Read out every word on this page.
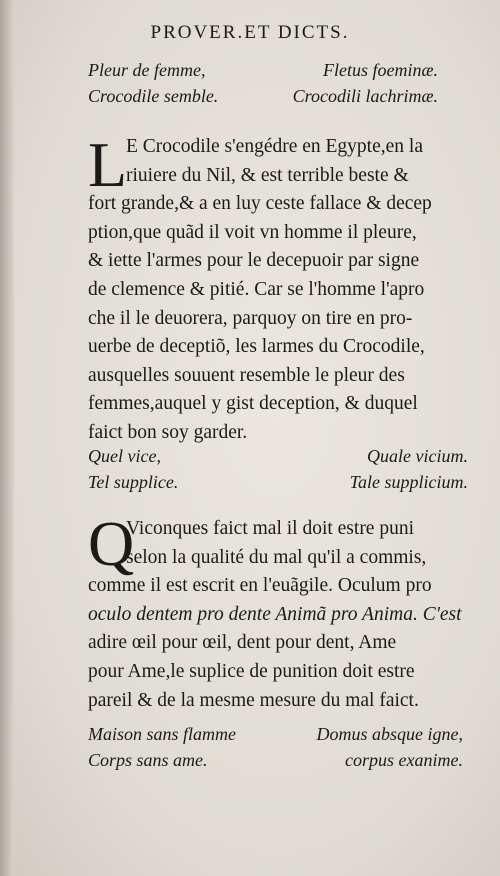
PROVER.ET DICTS.
Pleur de femme,	Fletus foeminæ.
Crocodile semble.	Crocodili lachrimæ.
L
E Crocodile s'engédre en Egypte,en la
riuiere du Nil, & est terrible beste &
fort grande,& a en luy ceste fallace & decep
ption,que quãd il voit vn homme il pleure,
& iette l'armes pour le decepuoir par signe
de clemence & pitié. Car se l'homme l'apro
che il le deuorera, parquoy on tire en pro-
uerbe de deceptiõ, les larmes du Crocodile,
ausquelles souuent resemble le pleur des
femmes,auquel y gist deception, & duquel
faict bon soy garder.
Quel vice,	Quale vicium.
Tel supplice.	Tale supplicium.
Q
Viconques faict mal il doit estre puni
selon la qualité du mal qu'il a commis,
comme il est escrit en l'euãgile. Oculum pro
oculo dentem pro dente Animã pro Anima. C'est
adire œil pour œil, dent pour dent, Ame
pour Ame,le suplice de punition doit estre
pareil & de la mesme mesure du mal faict.
Maison sans flamme	Domus absque igne,
Corps sans ame.	corpus exanime.
